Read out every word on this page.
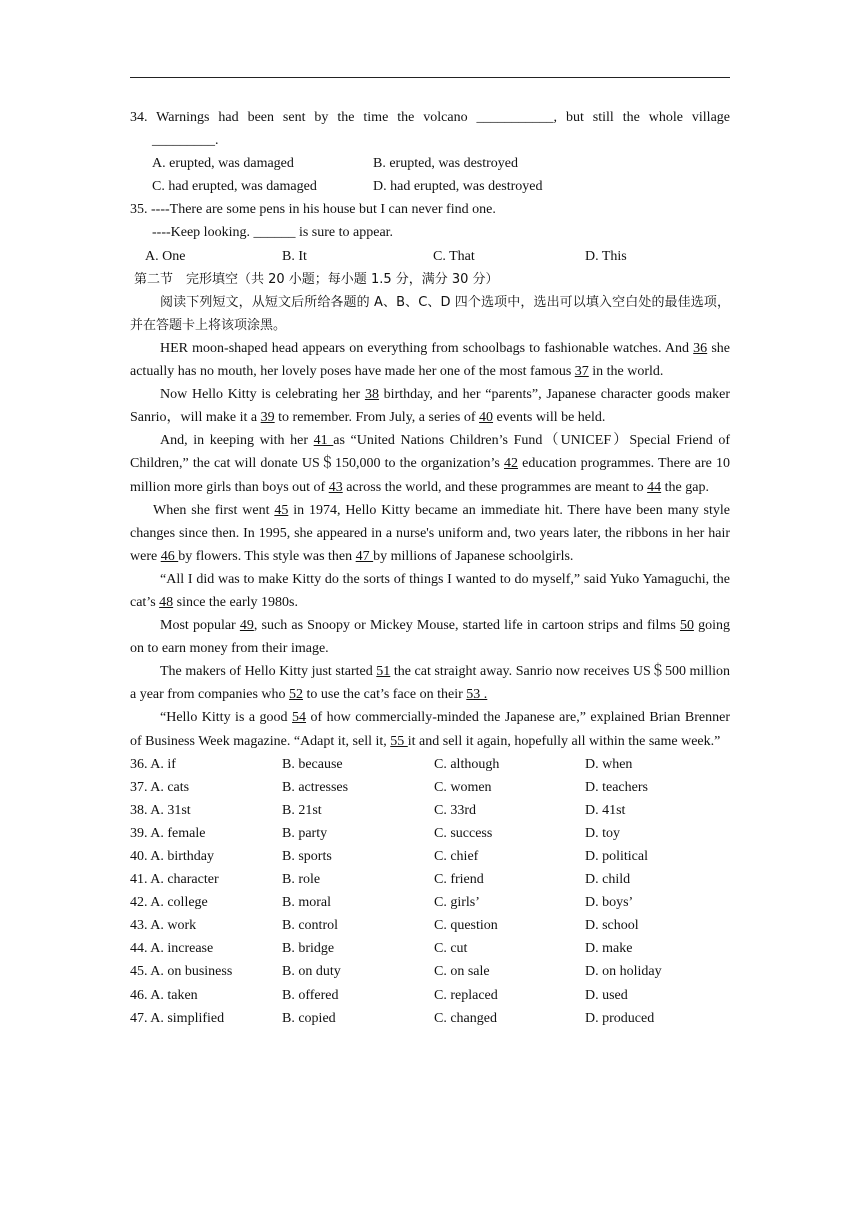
34. Warnings had been sent by the time the volcano ___________, but still the whole village
_________.
A. erupted, was damaged	B. erupted, was destroyed
C. had erupted, was damaged	D. had erupted, was destroyed
35. ----There are some pens in his house but I can never find one.
----Keep looking. ______ is sure to appear.
A. One	B. It	C. That	D. This
第二节　完形填空（共 20 小题；每小题 1.5 分，满分 30 分）
阅读下列短文，从短文后所给各题的 A、B、C、D 四个选项中，选出可以填入空白处的最佳选项，并在答题卡上将该项涂黑。
HER moon-shaped head appears on everything from schoolbags to fashionable watches. And 36 she actually has no mouth, her lovely poses have made her one of the most famous 37 in the world.
Now Hello Kitty is celebrating her 38 birthday, and her “parents”, Japanese character goods maker Sanrio，will make it a 39 to remember. From July, a series of 40 events will be held.
And, in keeping with her 41 as “United Nations Children’s Fund（UNICEF）Special Friend of Children,” the cat will donate US＄150,000 to the organization’s 42 education programmes. There are 10 million more girls than boys out of 43 across the world, and these programmes are meant to 44 the gap.
When she first went 45 in 1974, Hello Kitty became an immediate hit. There have been many style changes since then. In 1995, she appeared in a nurse's uniform and, two years later, the ribbons in her hair were 46 by flowers. This style was then 47 by millions of Japanese schoolgirls.
“All I did was to make Kitty do the sorts of things I wanted to do myself,” said Yuko Yamaguchi, the cat’s 48 since the early 1980s.
Most popular 49, such as Snoopy or Mickey Mouse, started life in cartoon strips and films 50 going on to earn money from their image.
The makers of Hello Kitty just started 51 the cat straight away. Sanrio now receives US＄500 million a year from companies who 52 to use the cat’s face on their 53 .
“Hello Kitty is a good 54 of how commercially-minded the Japanese are,” explained Brian Brenner of Business Week magazine. “Adapt it, sell it, 55 it and sell it again, hopefully all within the same week.”
36. A. if	B. because	C. although	D. when
37. A. cats	B. actresses	C. women	D. teachers
38. A. 31st	B. 21st	C. 33rd	D. 41st
39. A. female	B. party	C. success	D. toy
40. A. birthday	B. sports	C. chief	D. political
41. A. character	B. role	C. friend	D. child
42. A. college	B. moral	C. girls’	D. boys’
43. A. work	B. control	C. question	D. school
44. A. increase	B. bridge	C. cut	D. make
45. A. on business	B. on duty	C. on sale	D. on holiday
46. A. taken	B. offered	C. replaced	D. used
47. A. simplified	B. copied	C. changed	D. produced
